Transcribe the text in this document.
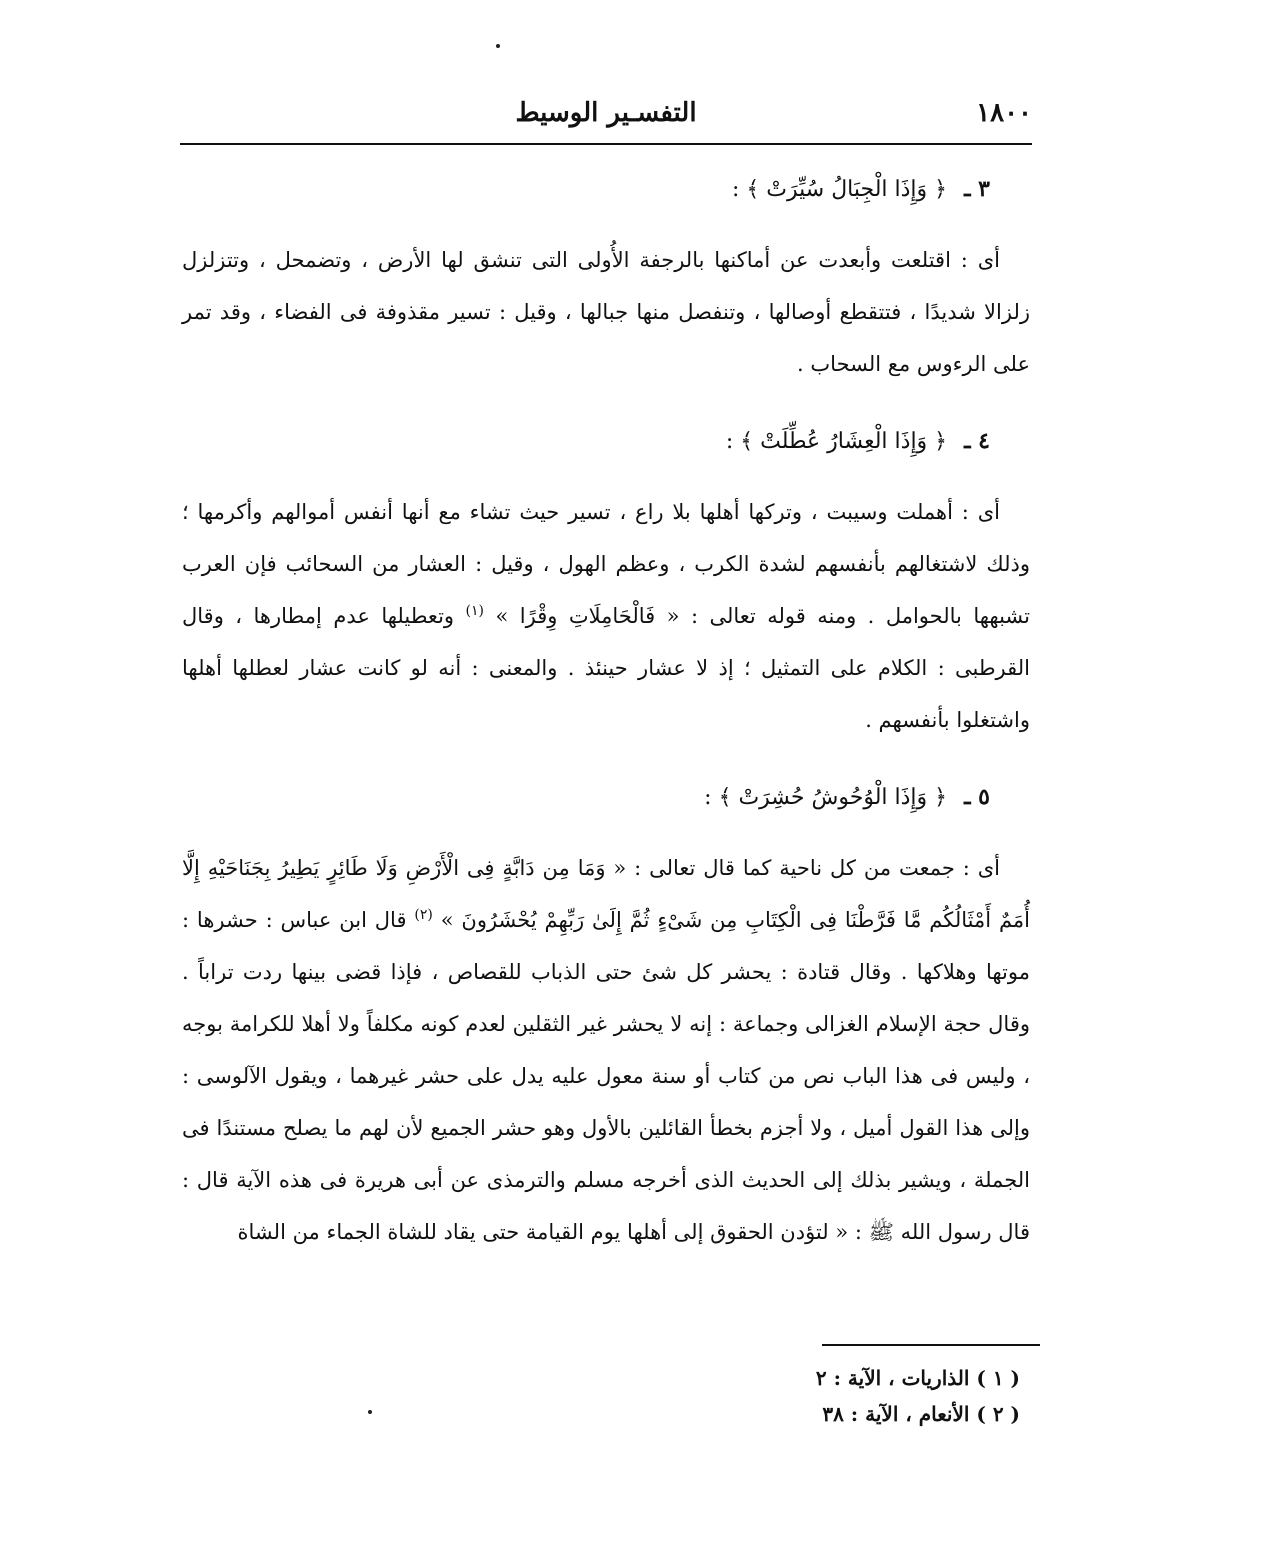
١٨٠٠
التفسـير الوسيط
٣ ـ ﴿ وَإِذَا الْجِبَالُ سُيِّرَتْ ﴾ :

أى : اقتلعت وأبعدت عن أماكنها بالرجفة الأُولى التى تنشق لها الأرض ، وتضمحل ، وتتزلزل زلزالا شديدًا ، فتتقطع أوصالها ، وتنفصل منها جبالها ، وقيل : تسير مقذوفة فى الفضاء ، وقد تمر على الرءوس مع السحاب .

٤ ـ ﴿ وَإِذَا الْعِشَارُ عُطِّلَتْ ﴾ :

أى : أهملت وسيبت ، وتركها أهلها بلا راع ، تسير حيث تشاء مع أنها أنفس أموالهم وأكرمها ؛ وذلك لاشتغالهم بأنفسهم لشدة الكرب ، وعظم الهول ، وقيل : العشار من السحائب فإن العرب تشبهها بالحوامل . ومنه قوله تعالى : « فَالْحَامِلَاتِ وِقْرًا » $^{(١)}$ وتعطيلها عدم إمطارها ، وقال القرطبى : الكلام على التمثيل ؛ إذ لا عشار حينئذ . والمعنى : أنه لو كانت عشار لعطلها أهلها واشتغلوا بأنفسهم .

٥ ـ ﴿ وَإِذَا الْوُحُوشُ حُشِرَتْ ﴾ :

أى : جمعت من كل ناحية كما قال تعالى : « وَمَا مِن دَابَّةٍ فِى الْأَرْضِ وَلَا طَائِرٍ يَطِيرُ بِجَنَاحَيْهِ إِلَّا أُمَمٌ أَمْثَالُكُم مَّا فَرَّطْنَا فِى الْكِتَابِ مِن شَىْءٍ ثُمَّ إِلَىٰ رَبِّهِمْ يُحْشَرُونَ » $^{(٢)}$ قال ابن عباس : حشرها : موتها وهلاكها . وقال قتادة : يحشر كل شئ حتى الذباب للقصاص ، فإذا قضى بينها ردت تراباً . وقال حجة الإسلام الغزالى وجماعة : إنه لا يحشر غير الثقلين لعدم كونه مكلفاً ولا أهلا للكرامة بوجه ، وليس فى هذا الباب نص من كتاب أو سنة معول عليه يدل على حشر غيرهما ، ويقول الآلوسى : وإلى هذا القول أميل ، ولا أجزم بخطأ القائلين بالأول وهو حشر الجميع لأن لهم ما يصلح مستندًا فى الجملة ، ويشير بذلك إلى الحديث الذى أخرجه مسلم والترمذى عن أبى هريرة فى هذه الآية قال : قال رسول الله ﷺ : « لتؤدن الحقوق إلى أهلها يوم القيامة حتى يقاد للشاة الجماء من الشاة

( ١ ) الذاريات ، الآية : ٢
( ٢ ) الأنعام ، الآية : ٣٨
